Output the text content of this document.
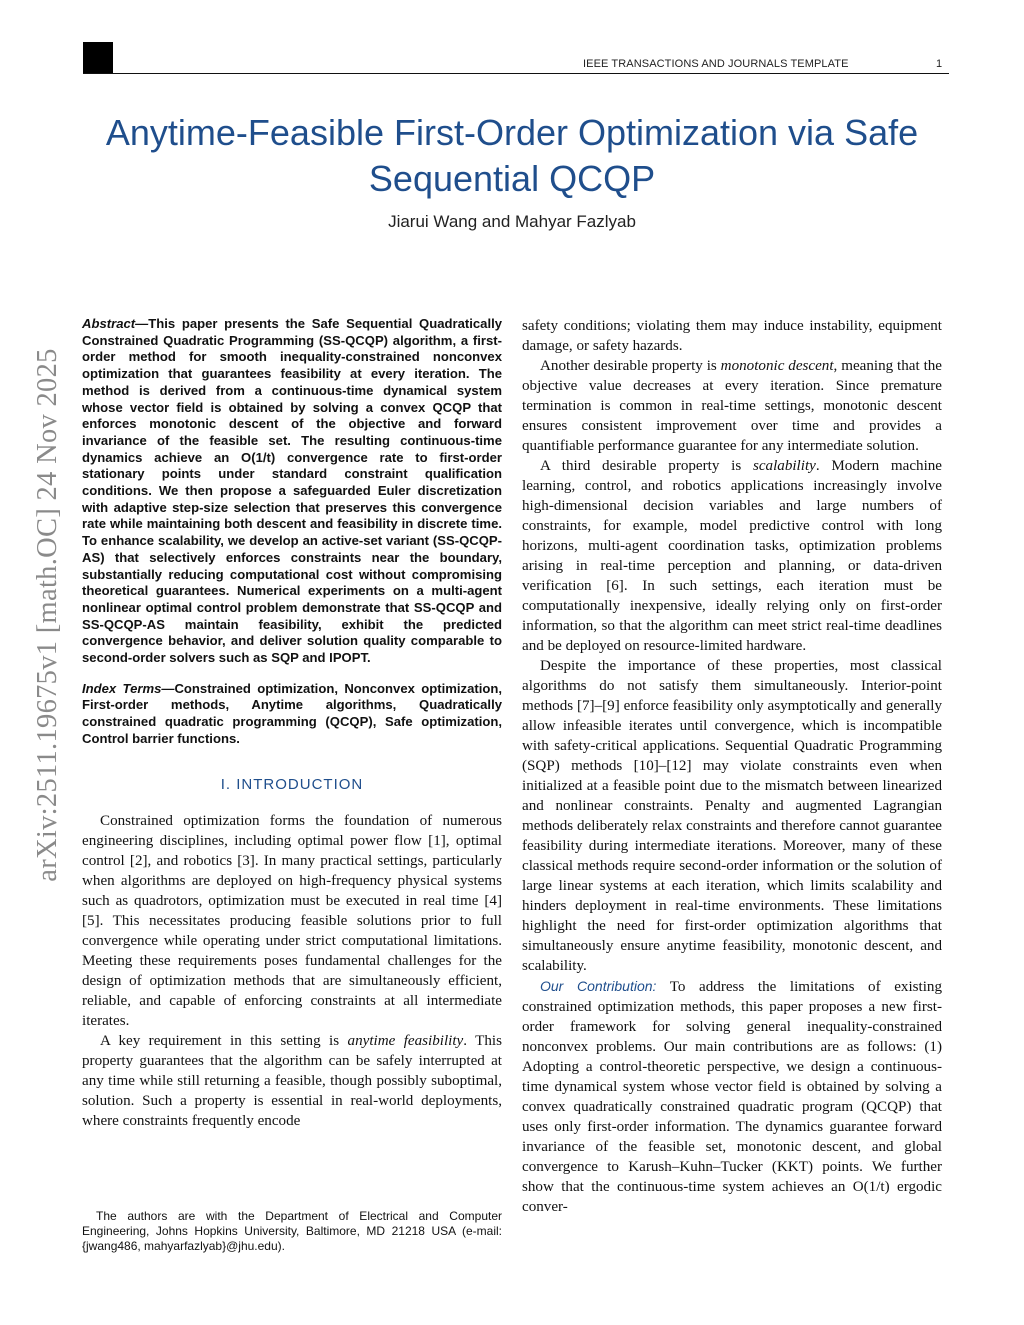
IEEE TRANSACTIONS AND JOURNALS TEMPLATE	1
Anytime-Feasible First-Order Optimization via Safe Sequential QCQP
Jiarui Wang and Mahyar Fazlyab
arXiv:2511.19675v1 [math.OC] 24 Nov 2025

Abstract—This paper presents the Safe Sequential Quadratically Constrained Quadratic Programming (SS-QCQP) algorithm, a first-order method for smooth inequality-constrained nonconvex optimization that guarantees feasibility at every iteration. The method is derived from a continuous-time dynamical system whose vector field is obtained by solving a convex QCQP that enforces monotonic descent of the objective and forward invariance of the feasible set. The resulting continuous-time dynamics achieve an O(1/t) convergence rate to first-order stationary points under standard constraint qualification conditions. We then propose a safeguarded Euler discretization with adaptive step-size selection that preserves this convergence rate while maintaining both descent and feasibility in discrete time. To enhance scalability, we develop an active-set variant (SS-QCQP-AS) that selectively enforces constraints near the boundary, substantially reducing computational cost without compromising theoretical guarantees. Numerical experiments on a multi-agent nonlinear optimal control problem demonstrate that SS-QCQP and SS-QCQP-AS maintain feasibility, exhibit the predicted convergence behavior, and deliver solution quality comparable to second-order solvers such as SQP and IPOPT.

Index Terms—Constrained optimization, Nonconvex optimization, First-order methods, Anytime algorithms, Quadratically constrained quadratic programming (QCQP), Safe optimization, Control barrier functions.

I. INTRODUCTION

Constrained optimization forms the foundation of numerous engineering disciplines, including optimal power flow [1], optimal control [2], and robotics [3]. In many practical settings, particularly when algorithms are deployed on high-frequency physical systems such as quadrotors, optimization must be executed in real time [4] [5]. This necessitates producing feasible solutions prior to full convergence while operating under strict computational limitations. Meeting these requirements poses fundamental challenges for the design of optimization methods that are simultaneously efficient, reliable, and capable of enforcing constraints at all intermediate iterates.

A key requirement in this setting is anytime feasibility. This property guarantees that the algorithm can be safely interrupted at any time while still returning a feasible, though possibly suboptimal, solution. Such a property is essential in real-world deployments, where constraints frequently encode

The authors are with the Department of Electrical and Computer Engineering, Johns Hopkins University, Baltimore, MD 21218 USA (e-mail: {jwang486, mahyarfazlyab}@jhu.edu).

safety conditions; violating them may induce instability, equipment damage, or safety hazards.

Another desirable property is monotonic descent, meaning that the objective value decreases at every iteration. Since premature termination is common in real-time settings, monotonic descent ensures consistent improvement over time and provides a quantifiable performance guarantee for any intermediate solution.

A third desirable property is scalability. Modern machine learning, control, and robotics applications increasingly involve high-dimensional decision variables and large numbers of constraints, for example, model predictive control with long horizons, multi-agent coordination tasks, optimization problems arising in real-time perception and planning, or data-driven verification [6]. In such settings, each iteration must be computationally inexpensive, ideally relying only on first-order information, so that the algorithm can meet strict real-time deadlines and be deployed on resource-limited hardware.

Despite the importance of these properties, most classical algorithms do not satisfy them simultaneously. Interior-point methods [7]–[9] enforce feasibility only asymptotically and generally allow infeasible iterates until convergence, which is incompatible with safety-critical applications. Sequential Quadratic Programming (SQP) methods [10]–[12] may violate constraints even when initialized at a feasible point due to the mismatch between linearized and nonlinear constraints. Penalty and augmented Lagrangian methods deliberately relax constraints and therefore cannot guarantee feasibility during intermediate iterations. Moreover, many of these classical methods require second-order information or the solution of large linear systems at each iteration, which limits scalability and hinders deployment in real-time environments. These limitations highlight the need for first-order optimization algorithms that simultaneously ensure anytime feasibility, monotonic descent, and scalability.

Our Contribution: To address the limitations of existing constrained optimization methods, this paper proposes a new first-order framework for solving general inequality-constrained nonconvex problems. Our main contributions are as follows: (1) Adopting a control-theoretic perspective, we design a continuous-time dynamical system whose vector field is obtained by solving a convex quadratically constrained quadratic program (QCQP) that uses only first-order information. The dynamics guarantee forward invariance of the feasible set, monotonic descent, and global convergence to Karush–Kuhn–Tucker (KKT) points. We further show that the continuous-time system achieves an O(1/t) ergodic conver-
